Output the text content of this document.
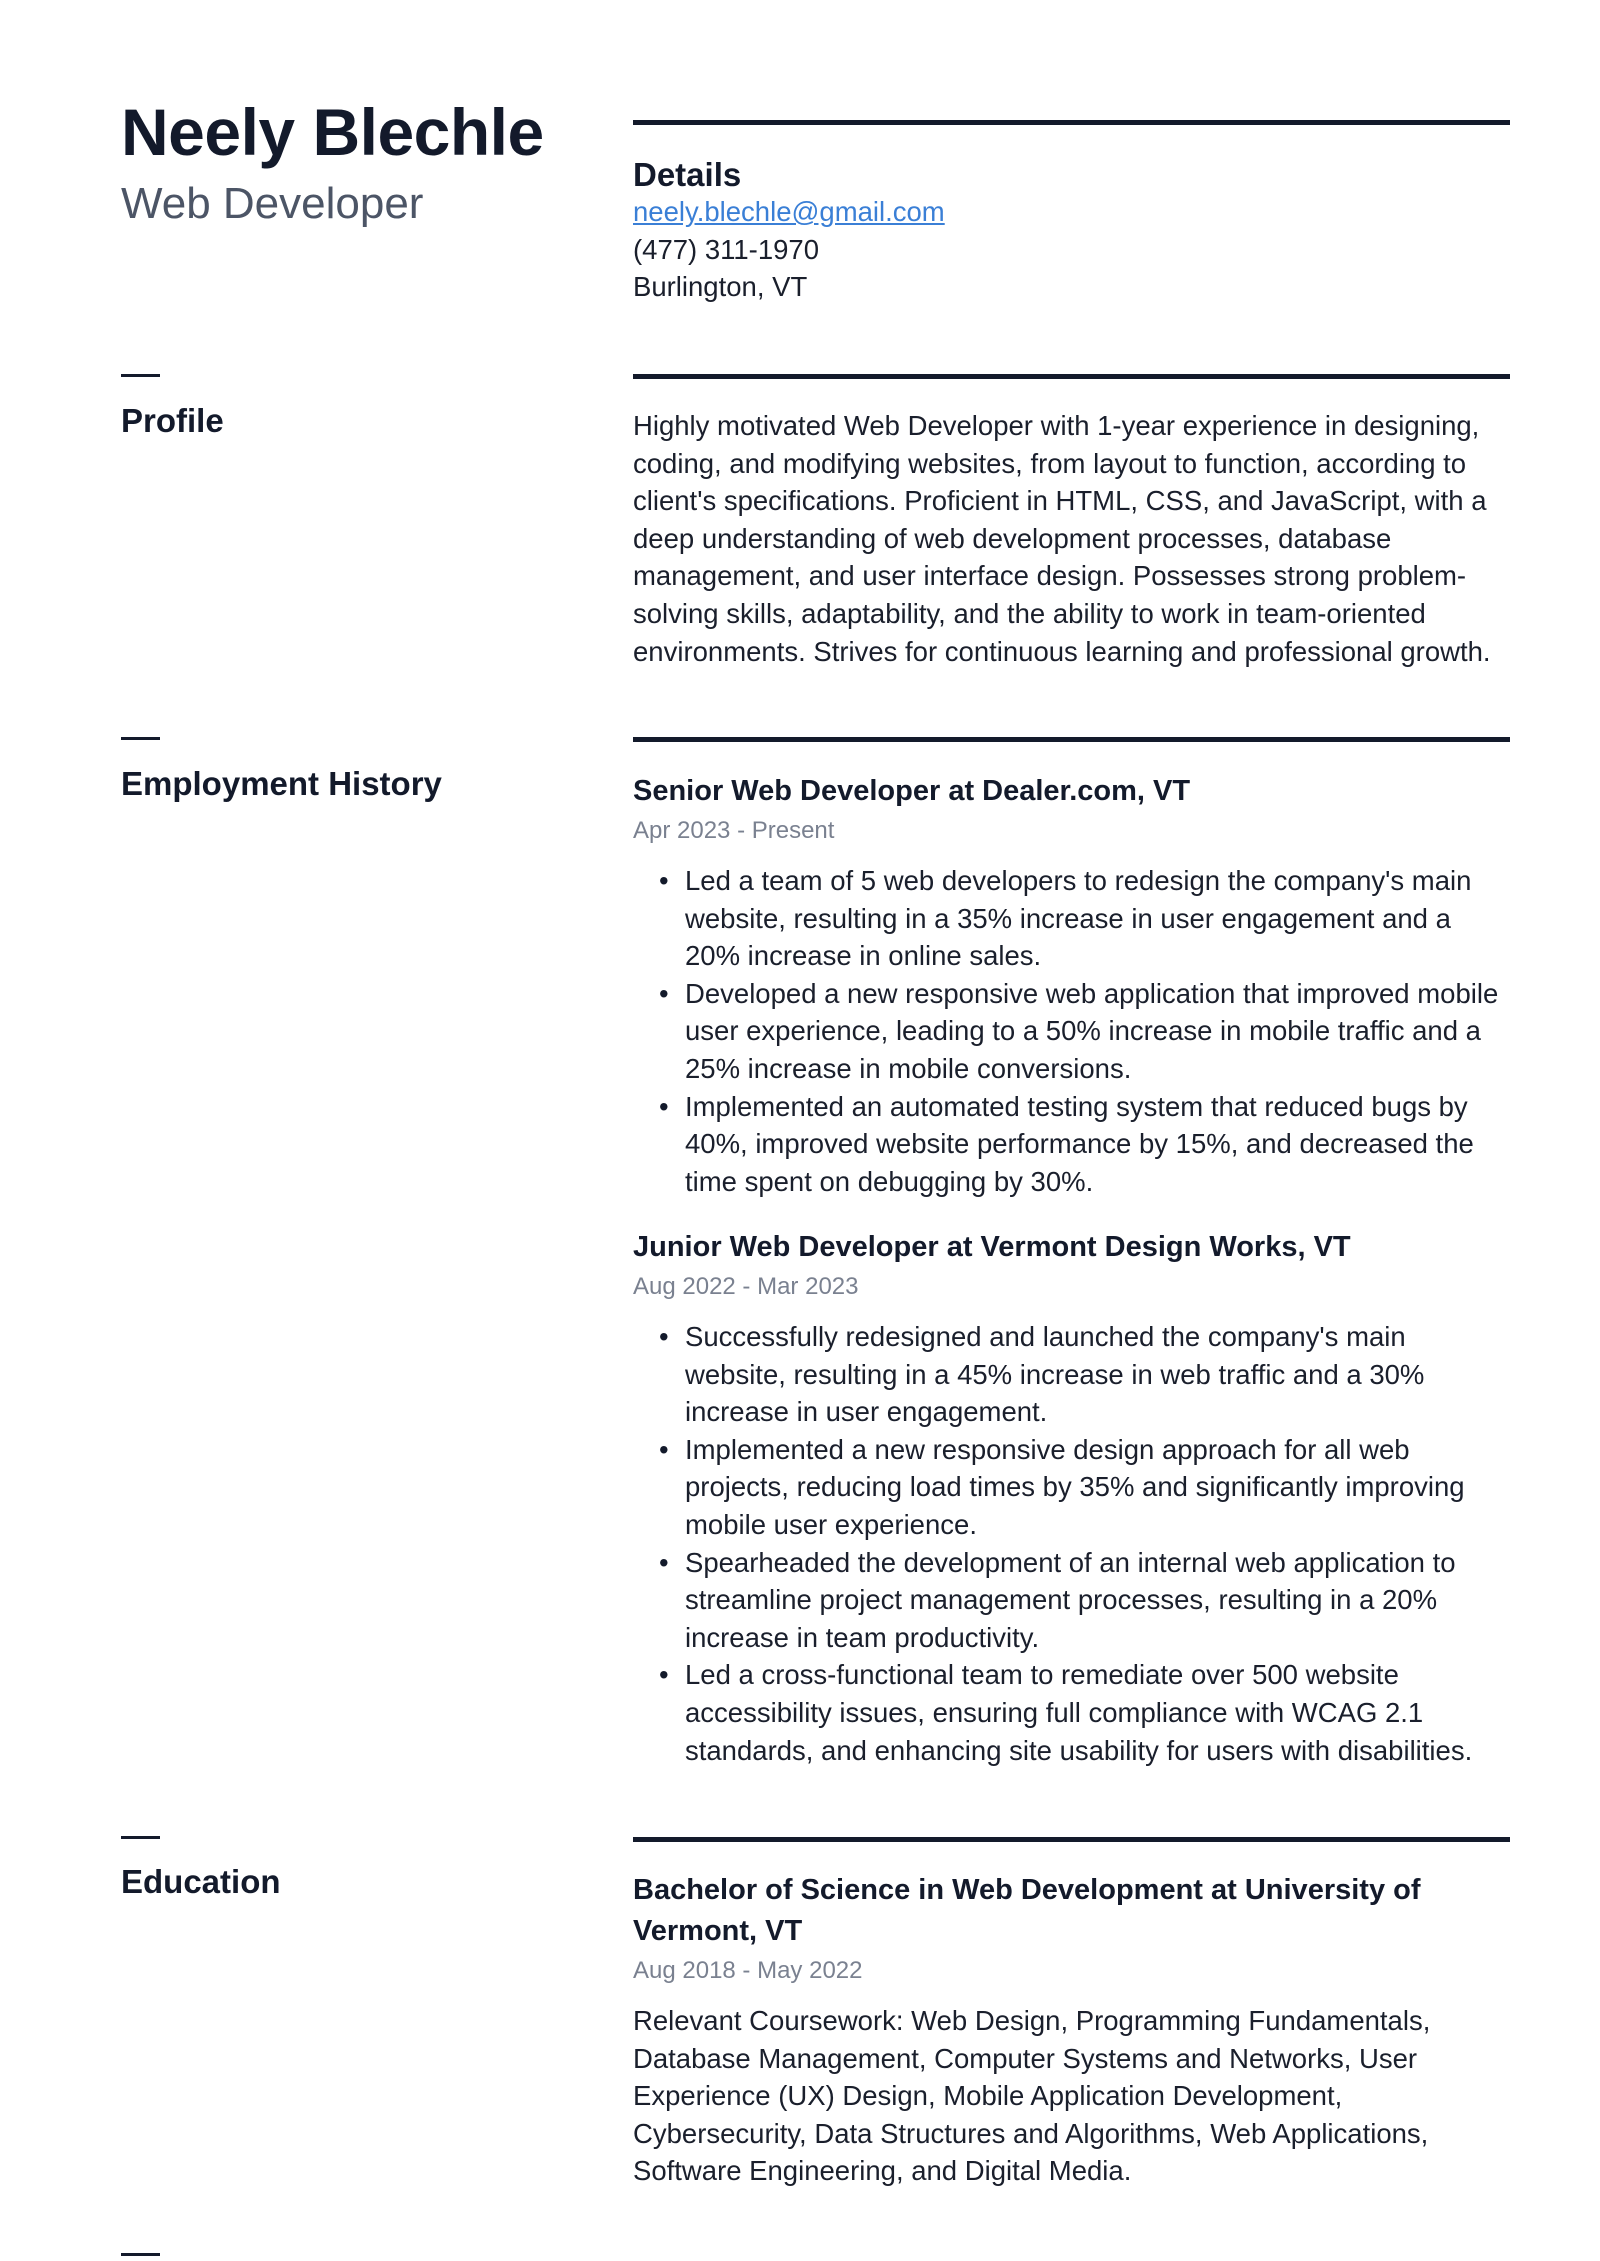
Neely Blechle
Web Developer
Details
neely.blechle@gmail.com
(477) 311-1970
Burlington, VT
Profile	Highly motivated Web Developer with 1-year experience in designing, coding, and modifying websites, from layout to function, according to client's specifications. Proficient in HTML, CSS, and JavaScript, with a deep understanding of web development processes, database management, and user interface design. Possesses strong problem-solving skills, adaptability, and the ability to work in team-oriented environments. Strives for continuous learning and professional growth.
Employment History	Senior Web Developer at Dealer.com, VT
Apr 2023 - Present
• Led a team of 5 web developers to redesign the company's main website, resulting in a 35% increase in user engagement and a 20% increase in online sales.
• Developed a new responsive web application that improved mobile user experience, leading to a 50% increase in mobile traffic and a 25% increase in mobile conversions.
• Implemented an automated testing system that reduced bugs by 40%, improved website performance by 15%, and decreased the time spent on debugging by 30%.
Junior Web Developer at Vermont Design Works, VT
Aug 2022 - Mar 2023
• Successfully redesigned and launched the company's main website, resulting in a 45% increase in web traffic and a 30% increase in user engagement.
• Implemented a new responsive design approach for all web projects, reducing load times by 35% and significantly improving mobile user experience.
• Spearheaded the development of an internal web application to streamline project management processes, resulting in a 20% increase in team productivity.
• Led a cross-functional team to remediate over 500 website accessibility issues, ensuring full compliance with WCAG 2.1 standards, and enhancing site usability for users with disabilities.
Education	Bachelor of Science in Web Development at University of Vermont, VT
Aug 2018 - May 2022
Relevant Coursework: Web Design, Programming Fundamentals, Database Management, Computer Systems and Networks, User Experience (UX) Design, Mobile Application Development, Cybersecurity, Data Structures and Algorithms, Web Applications, Software Engineering, and Digital Media.
